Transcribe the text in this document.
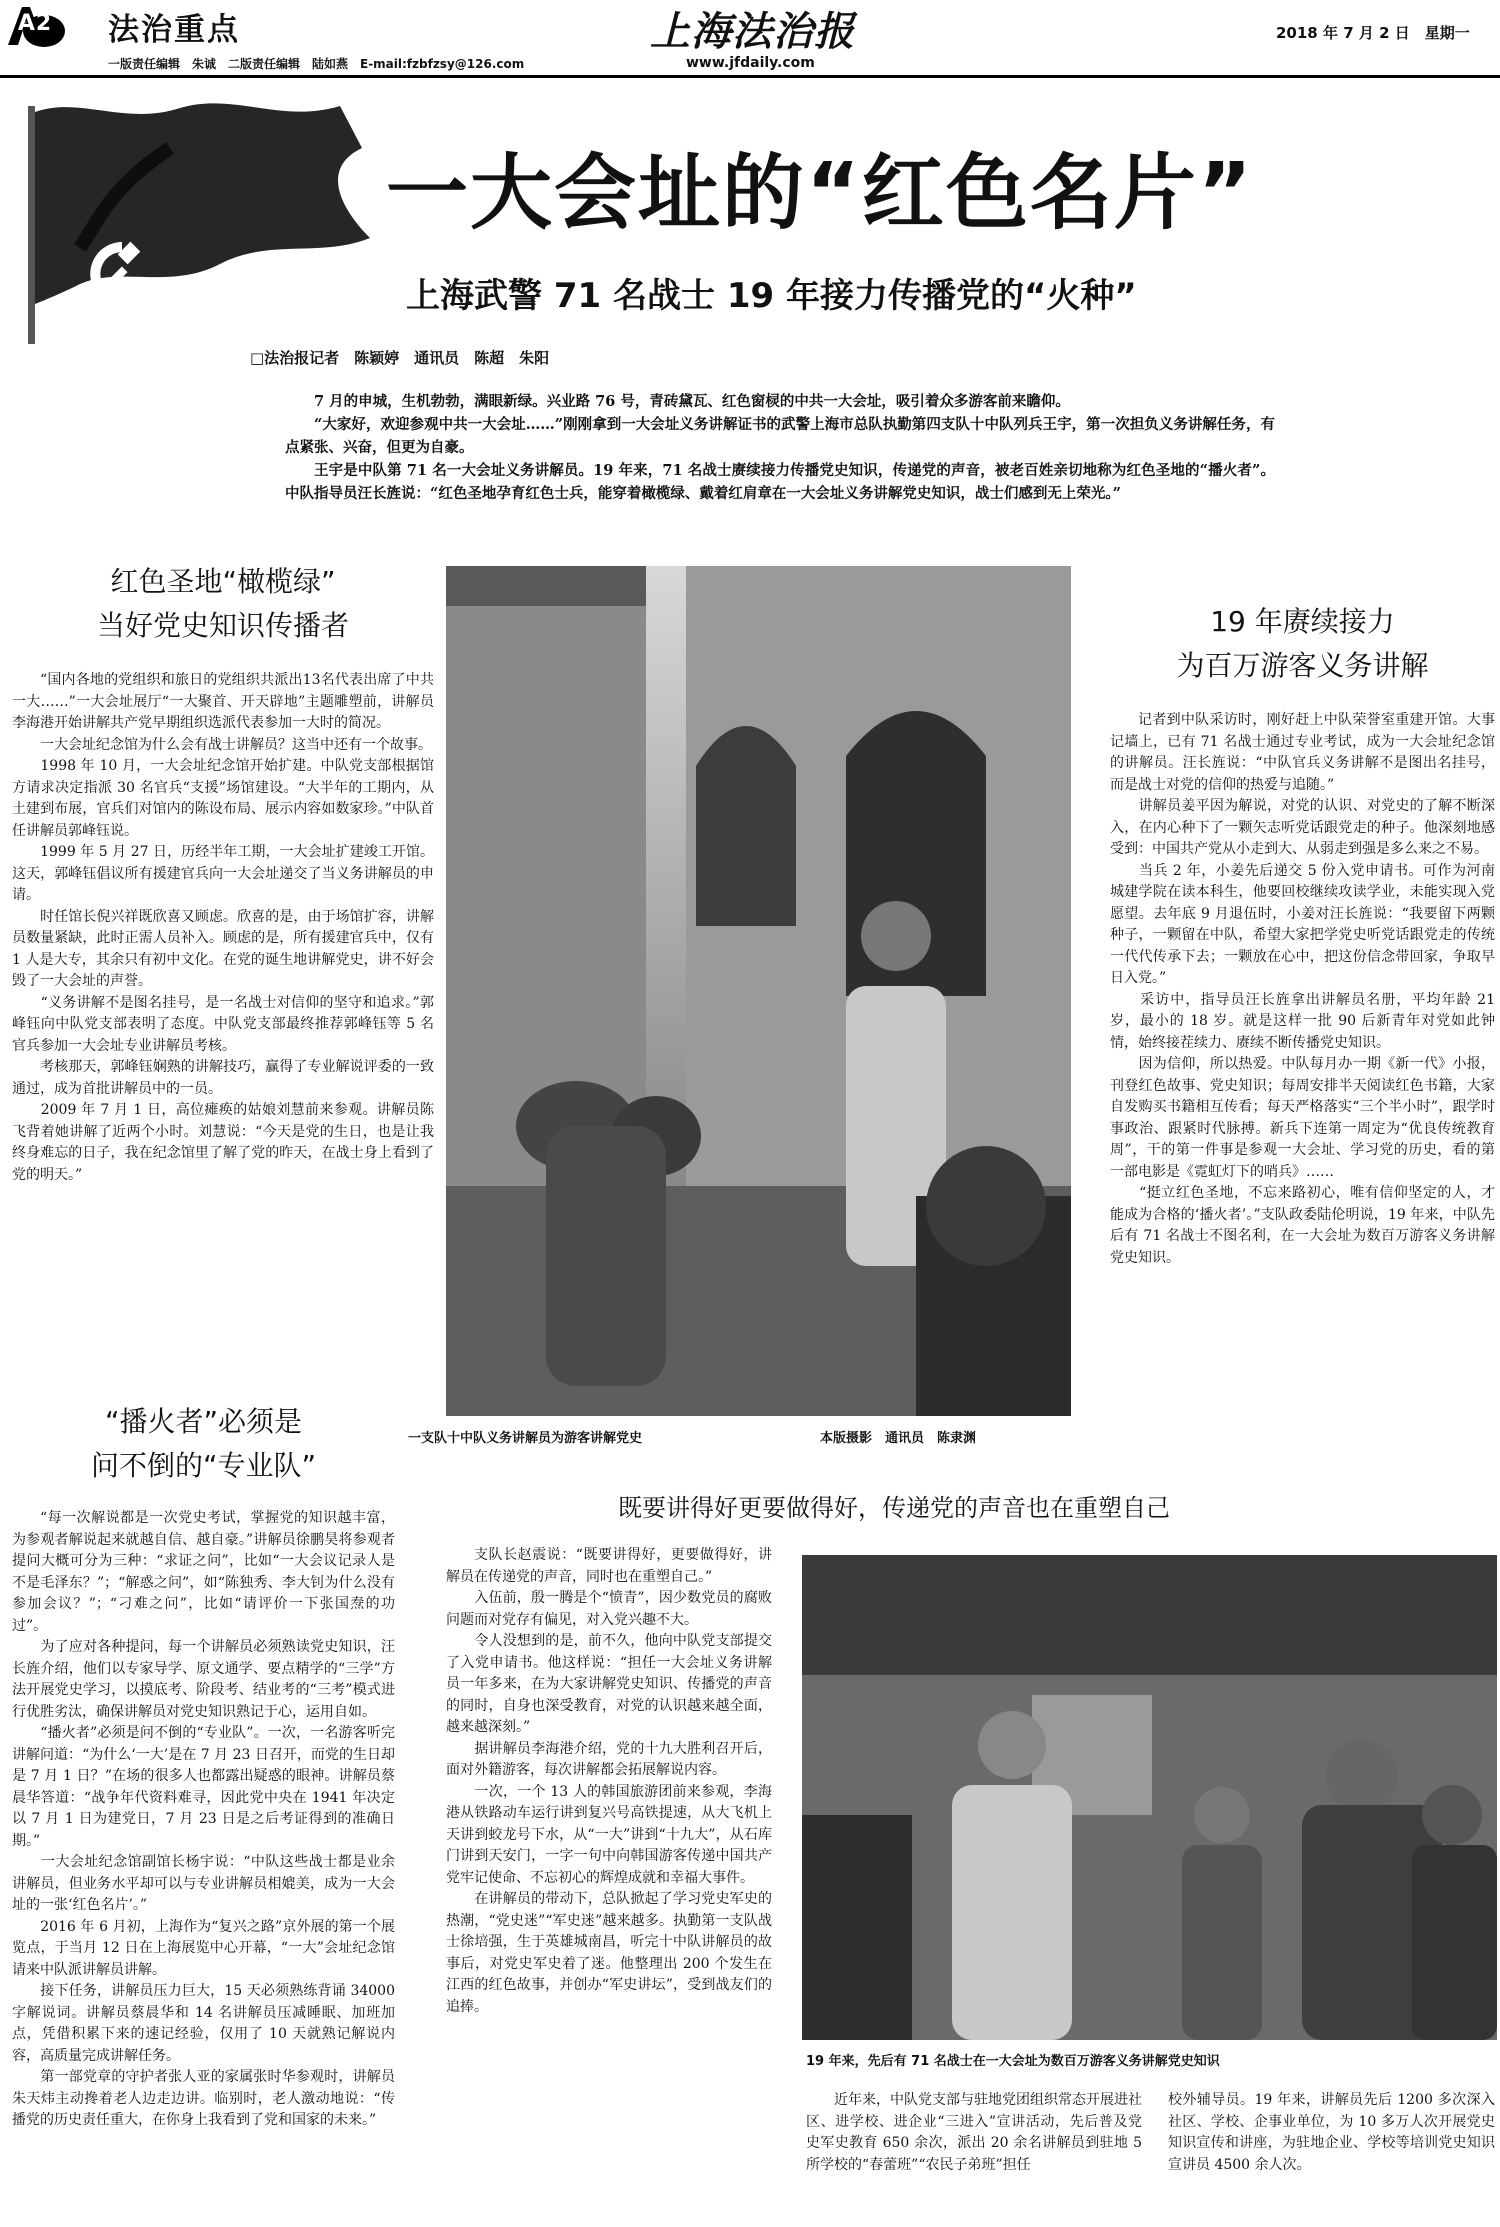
A2	法治重点
一版责任编辑　朱诚　二版责任编辑　陆如燕　E-mail:fzbfzsy@126.com
上海法治报
www.jfdaily.com
2018 年 7 月 2 日　星期一
一大会址的“红色名片”
上海武警 71 名战士 19 年接力传播党的“火种”
□法治报记者　陈颖婷　通讯员　陈超　朱阳

7 月的申城，生机勃勃，满眼新绿。兴业路 76 号，青砖黛瓦、红色窗棂的中共一大会址，吸引着众多游客前来瞻仰。

“大家好，欢迎参观中共一大会址……”刚刚拿到一大会址义务讲解证书的武警上海市总队执勤第四支队十中队列兵王宇，第一次担负义务讲解任务，有点紧张、兴奋，但更为自豪。

王宇是中队第 71 名一大会址义务讲解员。19 年来，71 名战士赓续接力传播党史知识，传递党的声音，被老百姓亲切地称为红色圣地的“播火者”。中队指导员汪长旌说：“红色圣地孕育红色士兵，能穿着橄榄绿、戴着红肩章在一大会址义务讲解党史知识，战士们感到无上荣光。”

红色圣地“橄榄绿”
当好党史知识传播者

“国内各地的党组织和旅日的党组织共派出13名代表出席了中共一大……”一大会址展厅“一大聚首、开天辟地”主题雕塑前，讲解员李海港开始讲解共产党早期组织选派代表参加一大时的简况。
　　一大会址纪念馆为什么会有战士讲解员？这当中还有一个故事。
　　1998 年 10 月，一大会址纪念馆开始扩建。中队党支部根据馆方请求决定指派 30 名官兵“支援”场馆建设。“大半年的工期内，从土建到布展，官兵们对馆内的陈设布局、展示内容如数家珍。”中队首任讲解员郭峰钰说。
　　1999 年 5 月 27 日，历经半年工期，一大会址扩建竣工开馆。这天，郭峰钰倡议所有援建官兵向一大会址递交了当义务讲解员的申请。
　　时任馆长倪兴祥既欣喜又顾虑。欣喜的是，由于场馆扩容，讲解员数量紧缺，此时正需人员补入。顾虑的是，所有援建官兵中，仅有 1 人是大专，其余只有初中文化。在党的诞生地讲解党史，讲不好会毁了一大会址的声誉。
　　“义务讲解不是图名挂号，是一名战士对信仰的坚守和追求。”郭峰钰向中队党支部表明了态度。中队党支部最终推荐郭峰钰等 5 名官兵参加一大会址专业讲解员考核。
　　考核那天，郭峰钰娴熟的讲解技巧，赢得了专业解说评委的一致通过，成为首批讲解员中的一员。
　　2009 年 7 月 1 日，高位瘫痪的姑娘刘慧前来参观。讲解员陈飞背着她讲解了近两个小时。刘慧说：“今天是党的生日，也是让我终身难忘的日子，我在纪念馆里了解了党的昨天，在战士身上看到了党的明天。”

一支队十中队义务讲解员为游客讲解党史	本版摄影　通讯员　陈隶渊
19 年赓续接力
为百万游客义务讲解

记者到中队采访时，刚好赶上中队荣誉室重建开馆。大事记墙上，已有 71 名战士通过专业考试，成为一大会址纪念馆的讲解员。汪长旌说：“中队官兵义务讲解不是图出名挂号，而是战士对党的信仰的热爱与追随。”
　　讲解员姜平因为解说，对党的认识、对党史的了解不断深入，在内心种下了一颗矢志听党话跟党走的种子。他深刻地感受到：中国共产党从小走到大、从弱走到强是多么来之不易。
　　当兵 2 年，小姜先后递交 5 份入党申请书。可作为河南城建学院在读本科生，他要回校继续攻读学业，未能实现入党愿望。去年底 9 月退伍时，小姜对汪长旌说：“我要留下两颗种子，一颗留在中队，希望大家把学党史听党话跟党走的传统一代代传承下去；一颗放在心中，把这份信念带回家，争取早日入党。”
　　采访中，指导员汪长旌拿出讲解员名册，平均年龄 21 岁，最小的 18 岁。就是这样一批 90 后新青年对党如此钟情，始终接茬续力、赓续不断传播党史知识。
　　因为信仰，所以热爱。中队每月办一期《新一代》小报，刊登红色故事、党史知识；每周安排半天阅读红色书籍，大家自发购买书籍相互传看；每天严格落实“三个半小时”，跟学时事政治、跟紧时代脉搏。新兵下连第一周定为“优良传统教育周”，干的第一件事是参观一大会址、学习党的历史，看的第一部电影是《霓虹灯下的哨兵》……
　　“挺立红色圣地，不忘来路初心，唯有信仰坚定的人，才能成为合格的‘播火者’。”支队政委陆伦明说，19 年来，中队先后有 71 名战士不图名利，在一大会址为数百万游客义务讲解党史知识。

“播火者”必须是
问不倒的“专业队”

“每一次解说都是一次党史考试，掌握党的知识越丰富，为参观者解说起来就越自信、越自豪。”讲解员徐鹏昊将参观者提问大概可分为三种：“求证之问”，比如“一大会议记录人是不是毛泽东？”；“解惑之问”，如“陈独秀、李大钊为什么没有参加会议？”；“刁难之问”，比如“请评价一下张国焘的功过”。
　　为了应对各种提问，每一个讲解员必须熟读党史知识，汪长旌介绍，他们以专家导学、原文通学、要点精学的“三学”方法开展党史学习，以摸底考、阶段考、结业考的“三考”模式进行优胜劣汰，确保讲解员对党史知识熟记于心，运用自如。
　　“播火者”必须是问不倒的“专业队”。一次，一名游客听完讲解问道：“为什么‘一大’是在 7 月 23 日召开，而党的生日却是 7 月 1 日？”在场的很多人也都露出疑惑的眼神。讲解员蔡晨华答道：“战争年代资料难寻，因此党中央在 1941 年决定以 7 月 1 日为建党日，7 月 23 日是之后考证得到的准确日期。”
　　一大会址纪念馆副馆长杨宇说：“中队这些战士都是业余讲解员，但业务水平却可以与专业讲解员相媲美，成为一大会址的一张‘红色名片’。”
　　2016 年 6 月初，上海作为“复兴之路”京外展的第一个展览点，于当月 12 日在上海展览中心开幕，“一大”会址纪念馆请来中队派讲解员讲解。
　　接下任务，讲解员压力巨大，15 天必须熟练背诵 34000 字解说词。讲解员蔡晨华和 14 名讲解员压减睡眠、加班加点，凭借积累下来的速记经验，仅用了 10 天就熟记解说内容，高质量完成讲解任务。
　　第一部党章的守护者张人亚的家属张时华参观时，讲解员朱天炜主动搀着老人边走边讲。临别时，老人激动地说：“传播党的历史责任重大，在你身上我看到了党和国家的未来。”

既要讲得好更要做得好，传递党的声音也在重塑自己

支队长赵震说：“既要讲得好，更要做得好，讲解员在传递党的声音，同时也在重塑自己。”
　　入伍前，殷一腾是个“愤青”，因少数党员的腐败问题而对党存有偏见，对入党兴趣不大。
　　令人没想到的是，前不久，他向中队党支部提交了入党申请书。他这样说：“担任一大会址义务讲解员一年多来，在为大家讲解党史知识、传播党的声音的同时，自身也深受教育，对党的认识越来越全面，越来越深刻。”
　　据讲解员李海港介绍，党的十九大胜利召开后，面对外籍游客，每次讲解都会拓展解说内容。
　　一次，一个 13 人的韩国旅游团前来参观，李海港从铁路动车运行讲到复兴号高铁提速，从大飞机上天讲到蛟龙号下水，从“一大”讲到“十九大”，从石库门讲到天安门，一字一句中向韩国游客传递中国共产党牢记使命、不忘初心的辉煌成就和幸福大事件。
　　在讲解员的带动下，总队掀起了学习党史军史的热潮，“党史迷”“军史迷”越来越多。执勤第一支队战士徐培强，生于英雄城南昌，听完十中队讲解员的故事后，对党史军史着了迷。他整理出 200 个发生在江西的红色故事，并创办“军史讲坛”，受到战友们的追捧。

19 年来，先后有 71 名战士在一大会址为数百万游客义务讲解党史知识

近年来，中队党支部与驻地党团组织常态开展进社区、进学校、进企业“三进入”宣讲活动，先后普及党史军史教育 650 余次，派出 20 余名讲解员到驻地 5 所学校的“春蕾班”“农民子弟班”担任

校外辅导员。19 年来，讲解员先后 1200 多次深入社区、学校、企事业单位，为 10 多万人次开展党史知识宣传和讲座，为驻地企业、学校等培训党史知识宣讲员 4500 余人次。
